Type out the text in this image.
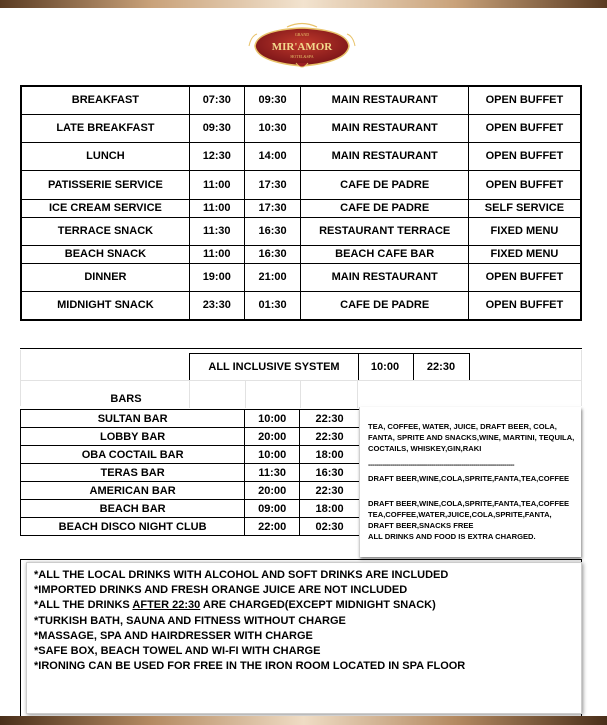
GRAND
MIR'AMOR
HOTEL&SPA
BREAKFAST	07:30	09:30	MAIN RESTAURANT	OPEN BUFFET
LATE BREAKFAST	09:30	10:30	MAIN RESTAURANT	OPEN BUFFET
LUNCH	12:30	14:00	MAIN RESTAURANT	OPEN BUFFET
PATISSERIE SERVICE	11:00	17:30	CAFE DE PADRE	OPEN BUFFET
ICE CREAM SERVICE	11:00	17:30	CAFE DE PADRE	SELF SERVICE
TERRACE SNACK	11:30	16:30	RESTAURANT TERRACE	FIXED MENU
BEACH SNACK	11:00	16:30	BEACH CAFE BAR	FIXED MENU
DINNER	19:00	21:00	MAIN RESTAURANT	OPEN BUFFET
MIDNIGHT SNACK	23:30	01:30	CAFE DE PADRE	OPEN BUFFET
ALL INCLUSIVE SYSTEM	10:00	22:30
BARS
SULTAN BAR	10:00	22:30
LOBBY BAR	20:00	22:30
OBA COCTAIL BAR	10:00	18:00
TERAS BAR	11:30	16:30
AMERICAN BAR	20:00	22:30
BEACH BAR	09:00	18:00
BEACH DISCO NIGHT CLUB	22:00	02:30
TEA, COFFEE, WATER, JUICE, DRAFT BEER, COLA, FANTA, SPRITE AND SNACKS,WINE, MARTINI, TEQUILA, COCTAILS, WHISKEY,GIN,RAKI
------------------------------------------------------------------------
DRAFT BEER,WINE,COLA,SPRITE,FANTA,TEA,COFFEE
DRAFT BEER,WINE,COLA,SPRITE,FANTA,TEA,COFFEE TEA,COFFEE,WATER,JUICE,COLA,SPRITE,FANTA, DRAFT BEER,SNACKS FREE
ALL DRINKS AND FOOD IS EXTRA CHARGED.
*ALL THE LOCAL DRINKS WITH ALCOHOL AND SOFT DRINKS ARE INCLUDED
*IMPORTED DRINKS AND FRESH ORANGE JUICE ARE NOT INCLUDED
*ALL THE DRINKS AFTER 22:30 ARE CHARGED(EXCEPT MIDNIGHT SNACK)
*TURKISH BATH, SAUNA AND FITNESS WITHOUT CHARGE
*MASSAGE, SPA AND HAIRDRESSER WITH CHARGE
*SAFE BOX, BEACH TOWEL AND WI-FI WITH CHARGE
*IRONING CAN BE USED FOR FREE IN THE IRON ROOM LOCATED IN SPA FLOOR
